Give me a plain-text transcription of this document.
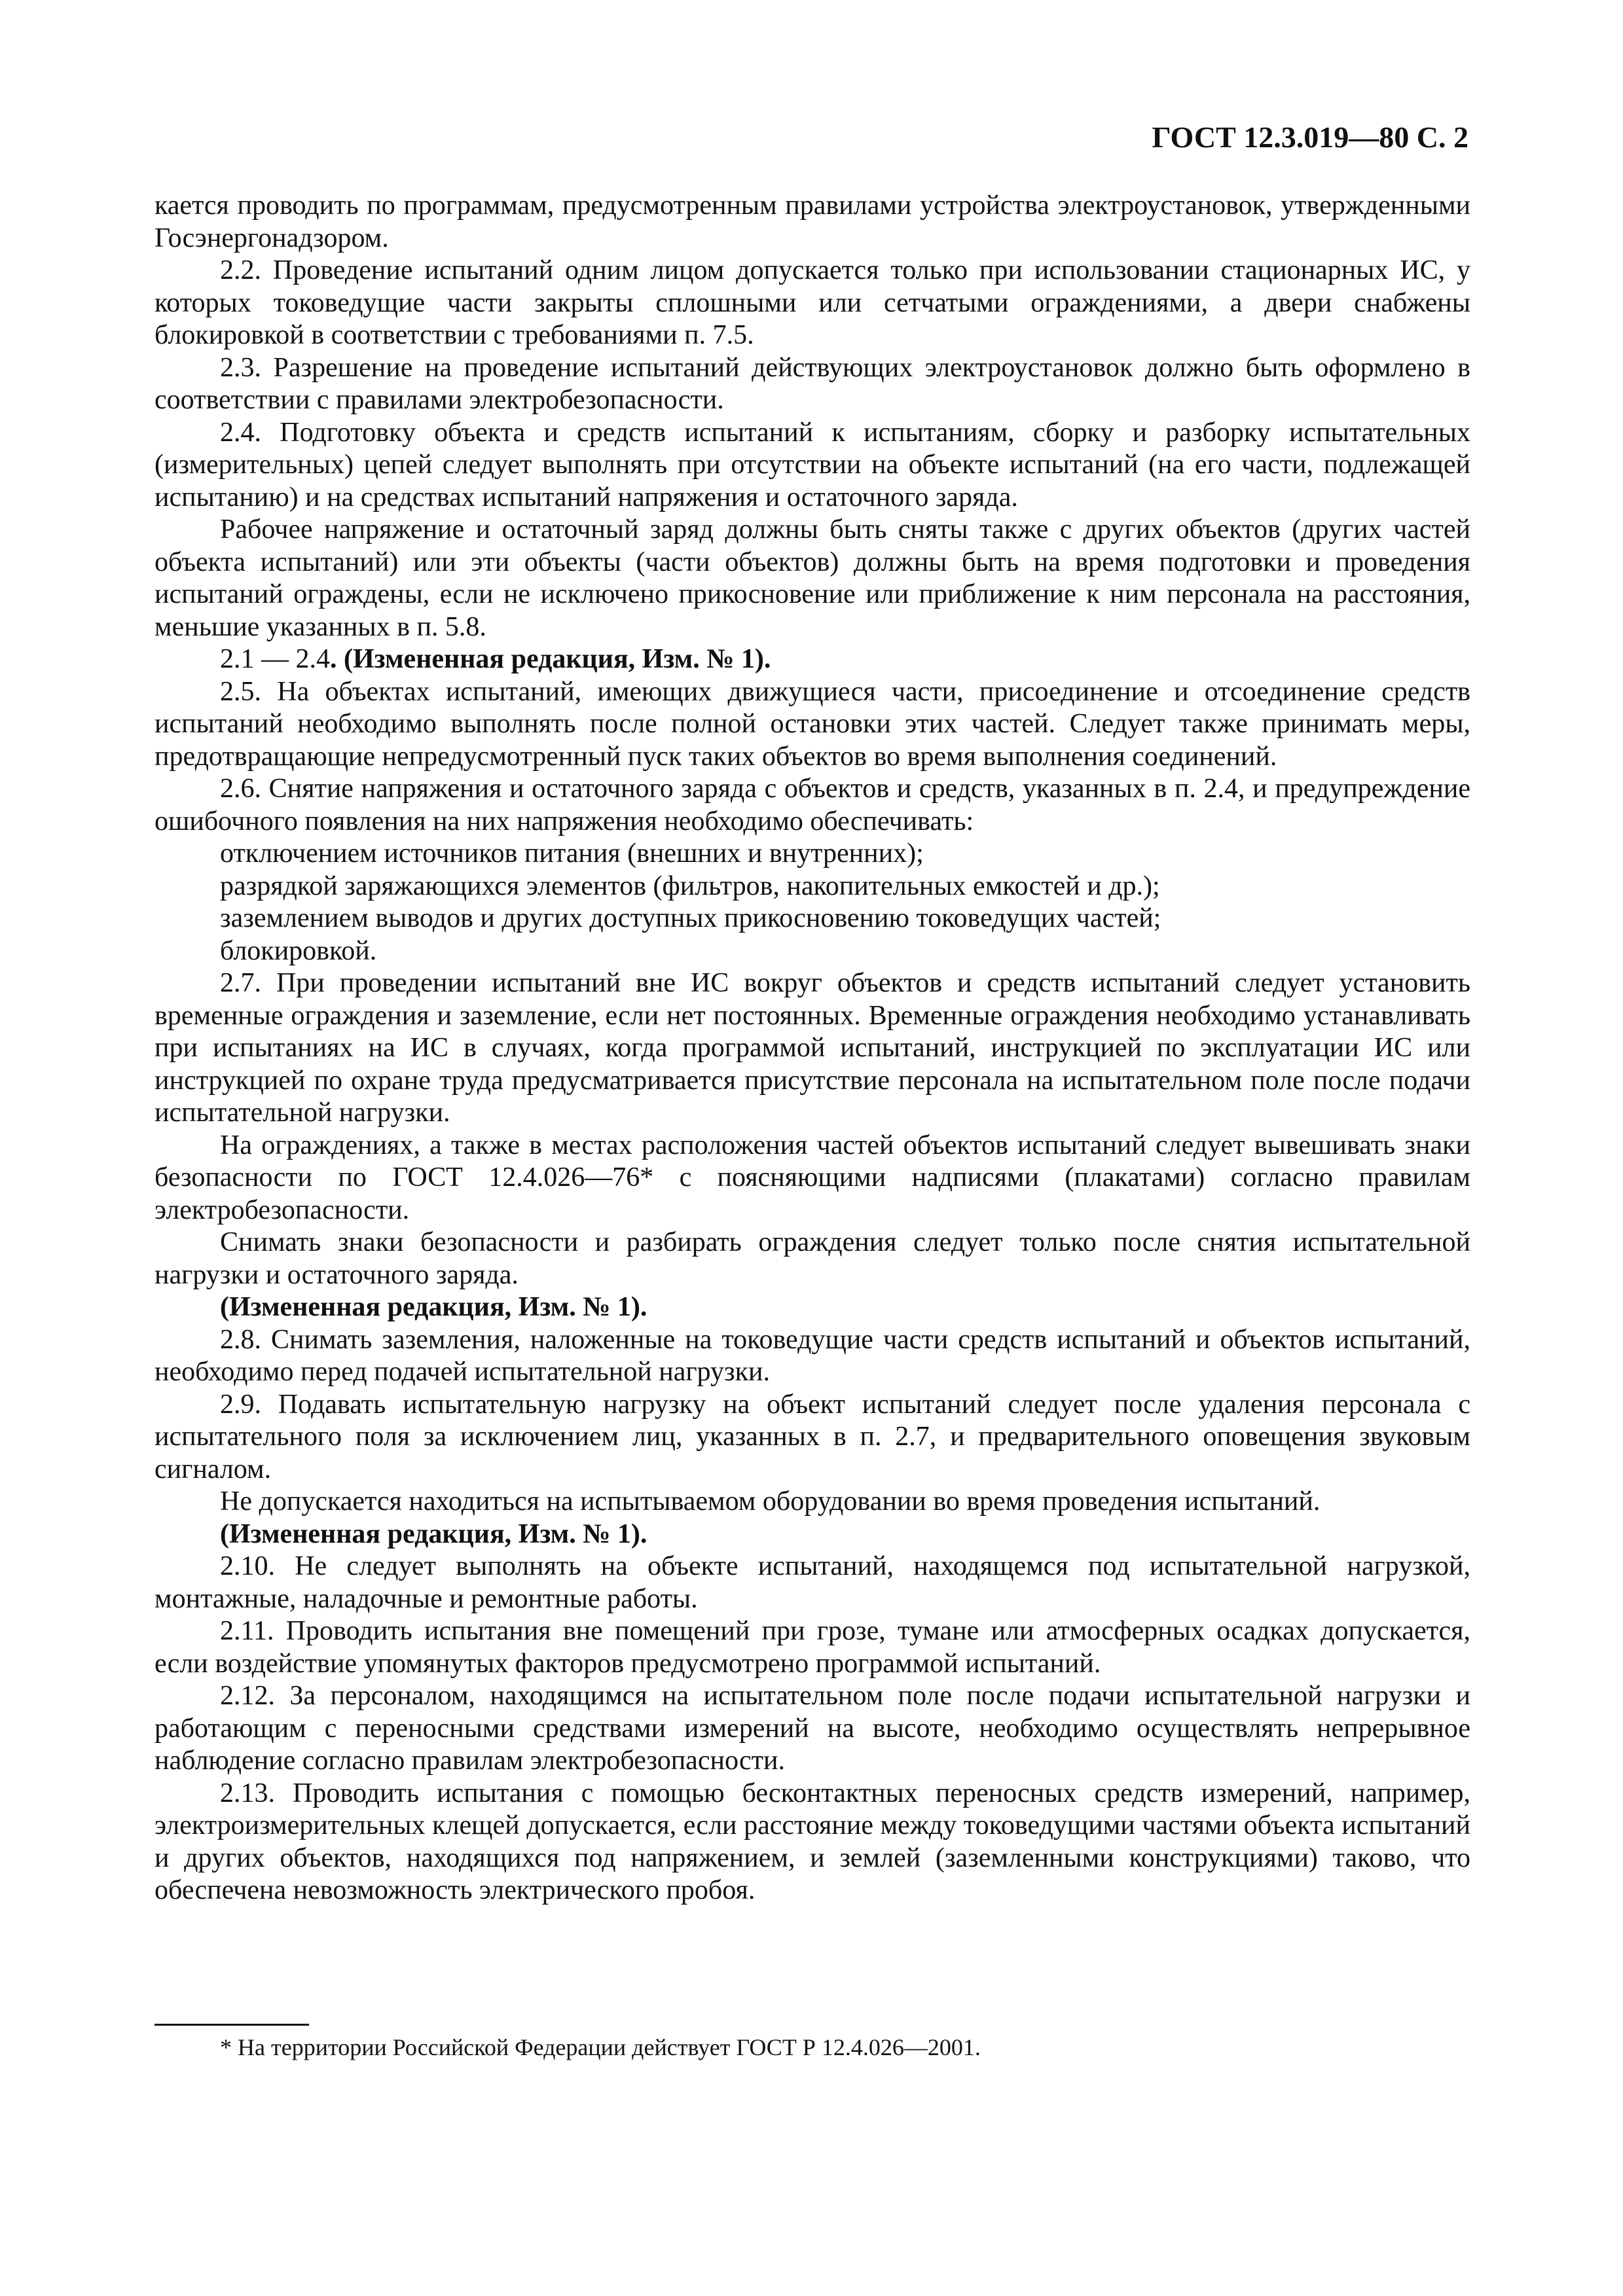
ГОСТ 12.3.019—80 С. 2

кается проводить по программам, предусмотренным правилами устройства электроустановок, утвержденными Госэнергонадзором.

2.2. Проведение испытаний одним лицом допускается только при использовании стационарных ИС, у которых токоведущие части закрыты сплошными или сетчатыми ограждениями, а двери снабжены блокировкой в соответствии с требованиями п. 7.5.

2.3. Разрешение на проведение испытаний действующих электроустановок должно быть оформлено в соответствии с правилами электробезопасности.

2.4. Подготовку объекта и средств испытаний к испытаниям, сборку и разборку испытательных (измерительных) цепей следует выполнять при отсутствии на объекте испытаний (на его части, подлежащей испытанию) и на средствах испытаний напряжения и остаточного заряда.

Рабочее напряжение и остаточный заряд должны быть сняты также с других объектов (других частей объекта испытаний) или эти объекты (части объектов) должны быть на время подготовки и проведения испытаний ограждены, если не исключено прикосновение или приближение к ним персонала на расстояния, меньшие указанных в п. 5.8.

2.1 — 2.4. (Измененная редакция, Изм. № 1).

2.5. На объектах испытаний, имеющих движущиеся части, присоединение и отсоединение средств испытаний необходимо выполнять после полной остановки этих частей. Следует также принимать меры, предотвращающие непредусмотренный пуск таких объектов во время выполнения соединений.

2.6. Снятие напряжения и остаточного заряда с объектов и средств, указанных в п. 2.4, и предупреждение ошибочного появления на них напряжения необходимо обеспечивать:

отключением источников питания (внешних и внутренних);

разрядкой заряжающихся элементов (фильтров, накопительных емкостей и др.);

заземлением выводов и других доступных прикосновению токоведущих частей;

блокировкой.

2.7. При проведении испытаний вне ИС вокруг объектов и средств испытаний следует установить временные ограждения и заземление, если нет постоянных. Временные ограждения необходимо устанавливать при испытаниях на ИС в случаях, когда программой испытаний, инструкцией по эксплуатации ИС или инструкцией по охране труда предусматривается присутствие персонала на испытательном поле после подачи испытательной нагрузки.

На ограждениях, а также в местах расположения частей объектов испытаний следует вывешивать знаки безопасности по ГОСТ 12.4.026—76* с поясняющими надписями (плакатами) согласно правилам электробезопасности.

Снимать знаки безопасности и разбирать ограждения следует только после снятия испытательной нагрузки и остаточного заряда.

(Измененная редакция, Изм. № 1).

2.8. Снимать заземления, наложенные на токоведущие части средств испытаний и объектов испытаний, необходимо перед подачей испытательной нагрузки.

2.9. Подавать испытательную нагрузку на объект испытаний следует после удаления персонала с испытательного поля за исключением лиц, указанных в п. 2.7, и предварительного оповещения звуковым сигналом.

Не допускается находиться на испытываемом оборудовании во время проведения испытаний.

(Измененная редакция, Изм. № 1).

2.10. Не следует выполнять на объекте испытаний, находящемся под испытательной нагрузкой, монтажные, наладочные и ремонтные работы.

2.11. Проводить испытания вне помещений при грозе, тумане или атмосферных осадках допускается, если воздействие упомянутых факторов предусмотрено программой испытаний.

2.12. За персоналом, находящимся на испытательном поле после подачи испытательной нагрузки и работающим с переносными средствами измерений на высоте, необходимо осуществлять непрерывное наблюдение согласно правилам электробезопасности.

2.13. Проводить испытания с помощью бесконтактных переносных средств измерений, например, электроизмерительных клещей допускается, если расстояние между токоведущими частями объекта испытаний и других объектов, находящихся под напряжением, и землей (заземленными конструкциями) таково, что обеспечена невозможность электрического пробоя.

* На территории Российской Федерации действует ГОСТ Р 12.4.026—2001.
